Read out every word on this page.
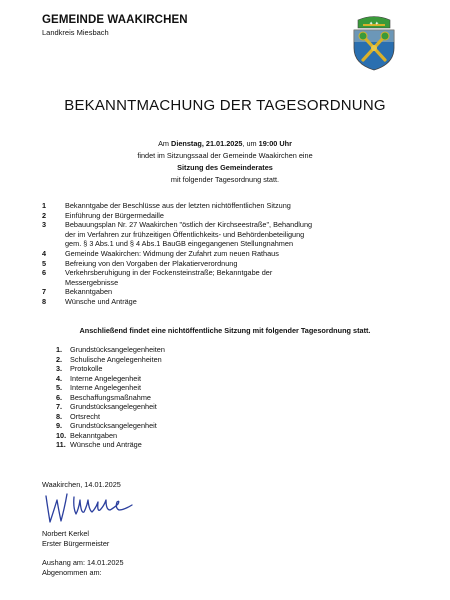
GEMEINDE WAAKIRCHEN
Landkreis Miesbach
✦ ✦
BEKANNTMACHUNG DER TAGESORDNUNG
Am Dienstag, 21.01.2025, um 19:00 Uhr
findet im Sitzungssaal der Gemeinde Waakirchen eine
Sitzung des Gemeinderates
mit folgender Tagesordnung statt.
1	Bekanntgabe der Beschlüsse aus der letzten nichtöffentlichen Sitzung
2	Einführung der Bürgermedaille
3	Bebauungsplan Nr. 27 Waakirchen "östlich der Kirchseestraße", Behandlung
der im Verfahren zur frühzeitigen Öffentlichkeits- und Behördenbeteiligung
gem. § 3 Abs.1 und § 4 Abs.1 BauGB eingegangenen Stellungnahmen
4	Gemeinde Waakirchen: Widmung der Zufahrt zum neuen Rathaus
5	Befreiung von den Vorgaben der Plakatierverordnung
6	Verkehrsberuhigung in der Fockensteinstraße; Bekanntgabe der
Messergebnisse
7	Bekanntgaben
8	Wünsche und Anträge
Anschließend findet eine nichtöffentliche Sitzung mit folgender Tagesordnung statt.
1.	Grundstücksangelegenheiten
2.	Schulische Angelegenheiten
3.	Protokolle
4.	Interne Angelegenheit
5.	Interne Angelegenheit
6.	Beschaffungsmaßnahme
7.	Grundstücksangelegenheit
8.	Ortsrecht
9.	Grundstücksangelegenheit
10. Bekanntgaben
11. Wünsche und Anträge
Waakirchen, 14.01.2025
Norbert Kerkel
Erster Bürgermeister
Aushang am: 14.01.2025
Abgenommen am:
